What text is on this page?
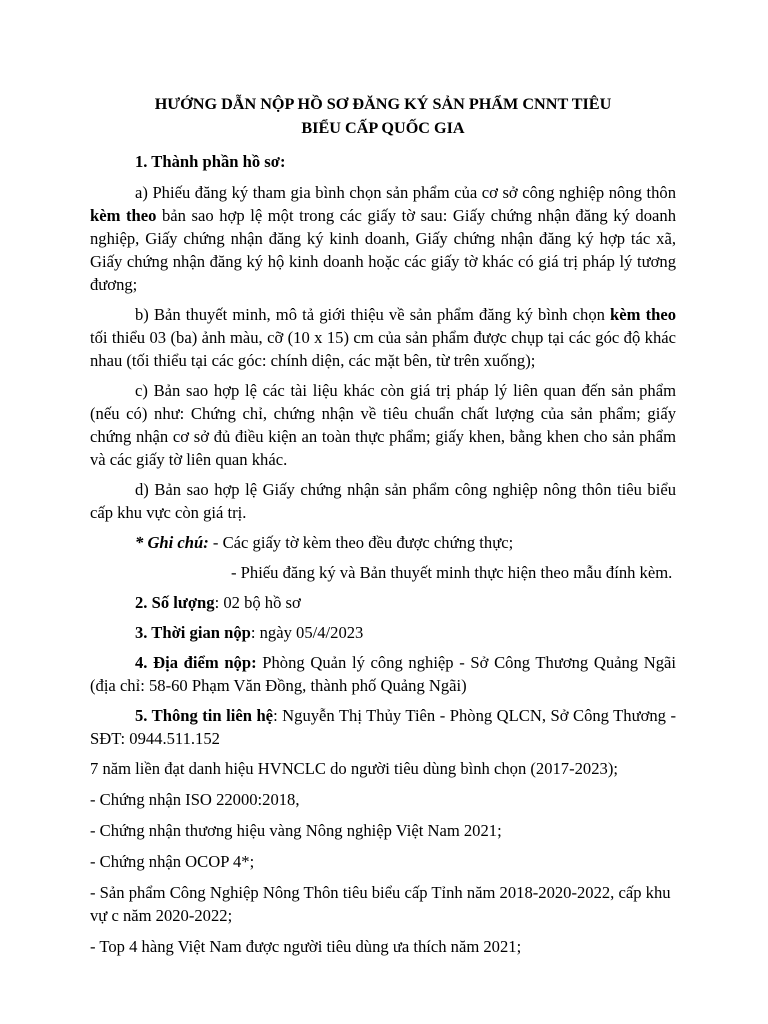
HƯỚNG DẪN NỘP HỒ SƠ ĐĂNG KÝ SẢN PHẨM CNNT TIÊU
BIỂU CẤP QUỐC GIA

1. Thành phần hồ sơ:

a) Phiếu đăng ký tham gia bình chọn sản phẩm của cơ sở công nghiệp nông thôn kèm theo bản sao hợp lệ một trong các giấy tờ sau: Giấy chứng nhận đăng ký doanh nghiệp, Giấy chứng nhận đăng ký kinh doanh, Giấy chứng nhận đăng ký hợp tác xã, Giấy chứng nhận đăng ký hộ kinh doanh hoặc các giấy tờ khác có giá trị pháp lý tương đương;

b) Bản thuyết minh, mô tả giới thiệu về sản phẩm đăng ký bình chọn kèm theo tối thiểu 03 (ba) ảnh màu, cỡ (10 x 15) cm của sản phẩm được chụp tại các góc độ khác nhau (tối thiểu tại các góc: chính diện, các mặt bên, từ trên xuống);

c) Bản sao hợp lệ các tài liệu khác còn giá trị pháp lý liên quan đến sản phẩm (nếu có) như: Chứng chỉ, chứng nhận về tiêu chuẩn chất lượng của sản phẩm; giấy chứng nhận cơ sở đủ điều kiện an toàn thực phẩm; giấy khen, bằng khen cho sản phẩm và các giấy tờ liên quan khác.

d) Bản sao hợp lệ Giấy chứng nhận sản phẩm công nghiệp nông thôn tiêu biểu cấp khu vực còn giá trị.

* Ghi chú: - Các giấy tờ kèm theo đều được chứng thực;

- Phiếu đăng ký và Bản thuyết minh thực hiện theo mẫu đính kèm.

2. Số lượng: 02 bộ hồ sơ

3. Thời gian nộp: ngày 05/4/2023

4. Địa điểm nộp: Phòng Quản lý công nghiệp - Sở Công Thương Quảng Ngãi (địa chỉ: 58-60 Phạm Văn Đồng, thành phố Quảng Ngãi)

5. Thông tin liên hệ: Nguyễn Thị Thủy Tiên - Phòng QLCN, Sở Công Thương - SĐT: 0944.511.152

7 năm liền đạt danh hiệu HVNCLC do người tiêu dùng bình chọn (2017-2023);

- Chứng nhận ISO 22000:2018,

- Chứng nhận thương hiệu vàng Nông nghiệp Việt Nam 2021;

- Chứng nhận OCOP 4*;

- Sản phẩm Công Nghiệp Nông Thôn tiêu biểu cấp Tỉnh năm 2018-2020-2022, cấp khu vự c năm 2020-2022;

- Top 4 hàng Việt Nam được người tiêu dùng ưa thích năm 2021;
